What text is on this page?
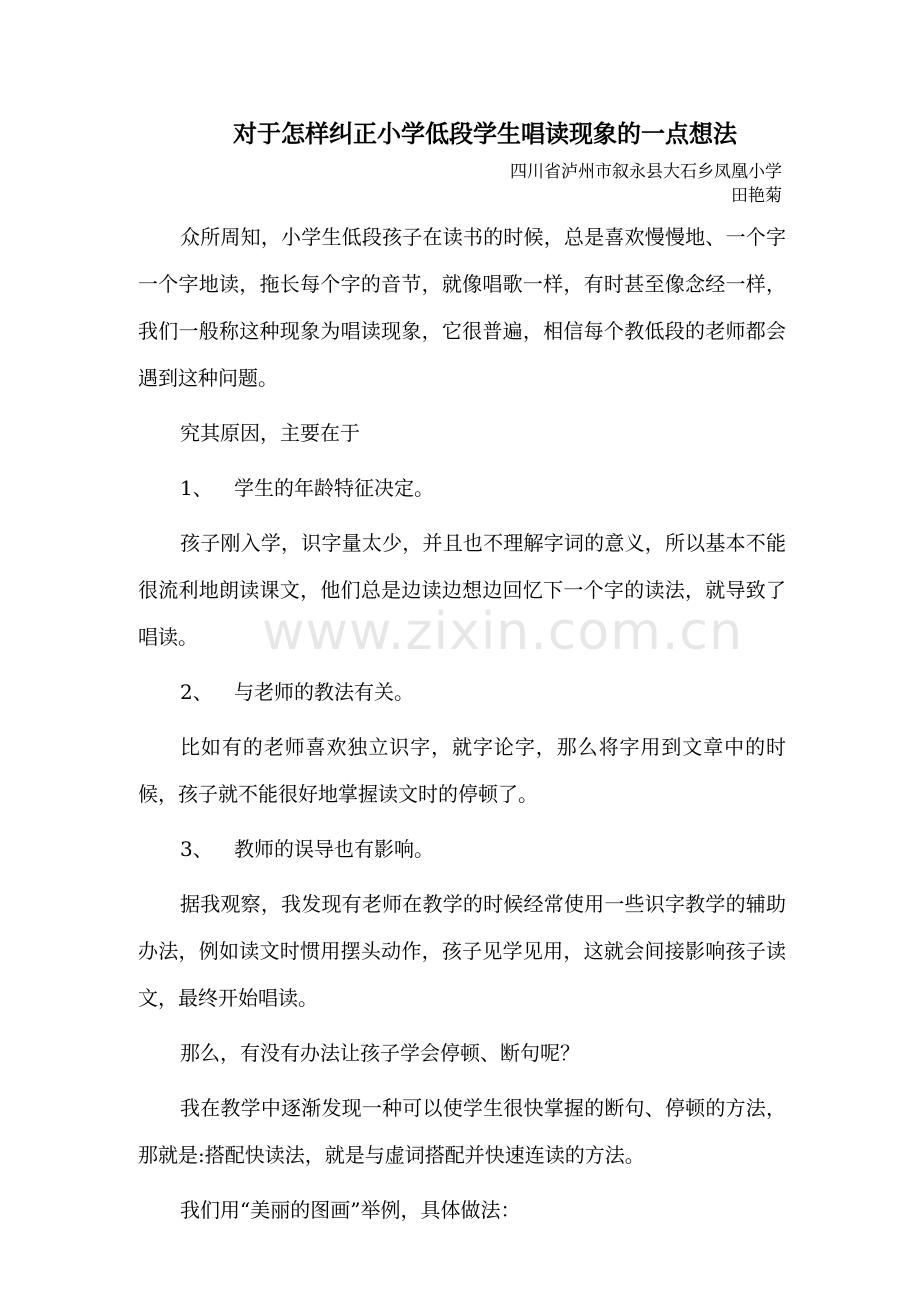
对于怎样纠正小学低段学生唱读现象的一点想法
四川省泸州市叙永县大石乡凤凰小学
田艳菊

众所周知，小学生低段孩子在读书的时候，总是喜欢慢慢地、一个字一个字地读，拖长每个字的音节，就像唱歌一样，有时甚至像念经一样，我们一般称这种现象为唱读现象，它很普遍，相信每个教低段的老师都会遇到这种问题。

究其原因，主要在于

1、 学生的年龄特征决定。

孩子刚入学，识字量太少，并且也不理解字词的意义，所以基本不能很流利地朗读课文，他们总是边读边想边回忆下一个字的读法，就导致了唱读。

2、 与老师的教法有关。

比如有的老师喜欢独立识字，就字论字，那么将字用到文章中的时候，孩子就不能很好地掌握读文时的停顿了。

3、 教师的误导也有影响。

据我观察，我发现有老师在教学的时候经常使用一些识字教学的辅助办法，例如读文时惯用摆头动作，孩子见学见用，这就会间接影响孩子读文，最终开始唱读。

那么，有没有办法让孩子学会停顿、断句呢？

我在教学中逐渐发现一种可以使学生很快掌握的断句、停顿的方法，那就是:搭配快读法，就是与虚词搭配并快速连读的方法。

我们用“美丽的图画”举例，具体做法：

www.zixin.com.cn
